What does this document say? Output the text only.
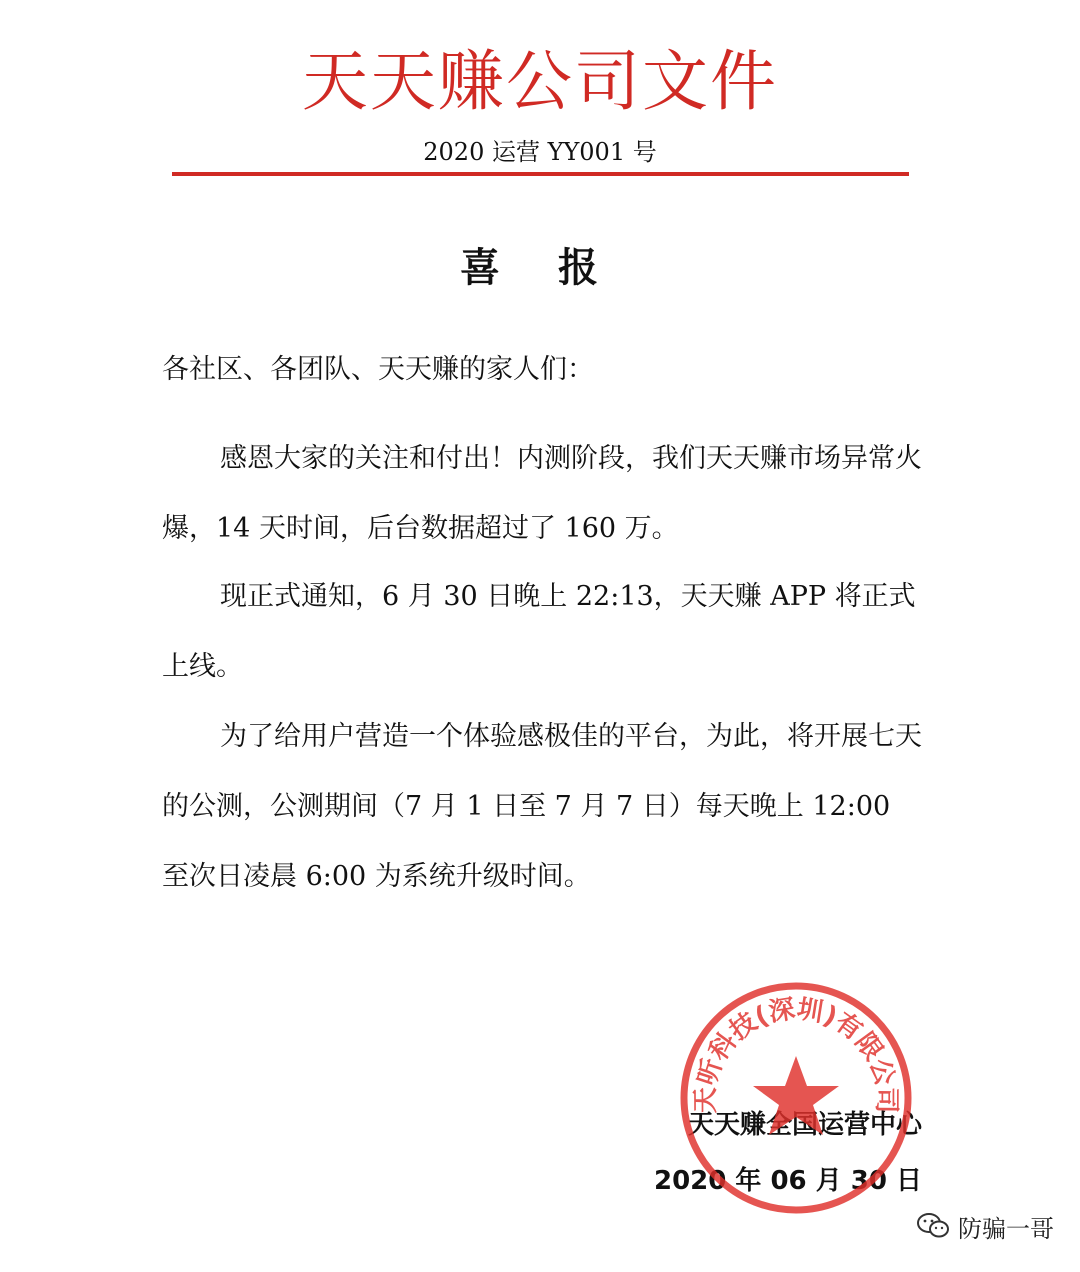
天天赚公司文件
2020 运营 YY001 号
喜 报
各社区、各团队、天天赚的家人们：
感恩大家的关注和付出！内测阶段，我们天天赚市场异常火爆，14 天时间，后台数据超过了 160 万。
现正式通知，6 月 30 日晚上 22:13，天天赚 APP 将正式上线。
为了给用户营造一个体验感极佳的平台，为此，将开展七天的公测，公测期间（7 月 1 日至 7 月 7 日）每天晚上 12:00 至次日凌晨 6:00 为系统升级时间。
天天赚全国运营中心
2020 年 06 月 30 日
天听科技(深圳)有限公司
防骗一哥
